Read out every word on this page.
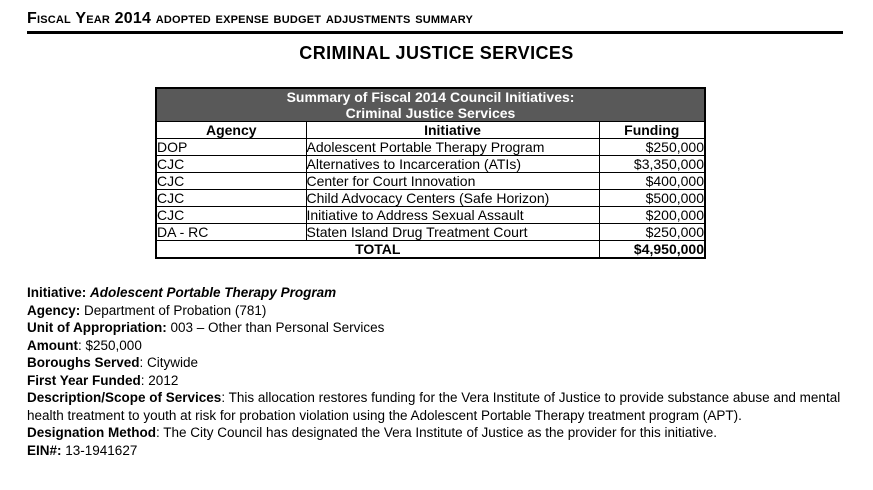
Fiscal Year 2014 adopted expense budget adjustments summary
CRIMINAL JUSTICE SERVICES
Summary of Fiscal 2014 Council Initiatives:
Criminal Justice Services		

Agency	Initiative	Funding
DOP	Adolescent Portable Therapy Program	$250,000
CJC	Alternatives to Incarceration (ATIs)	$3,350,000
CJC	Center for Court Innovation	$400,000
CJC	Child Advocacy Centers (Safe Horizon)	$500,000
CJC	Initiative to Address Sexual Assault	$200,000
DA - RC	Staten Island Drug Treatment Court	$250,000
TOTAL		$4,950,000
Initiative: Adolescent Portable Therapy Program
Agency: Department of Probation (781)
Unit of Appropriation: 003 – Other than Personal Services
Amount: $250,000
Boroughs Served: Citywide
First Year Funded: 2012
Description/Scope of Services: This allocation restores funding for the Vera Institute of Justice to provide substance abuse and mental health treatment to youth at risk for probation violation using the Adolescent Portable Therapy treatment program (APT).
Designation Method: The City Council has designated the Vera Institute of Justice as the provider for this initiative.
EIN#: 13-1941627
